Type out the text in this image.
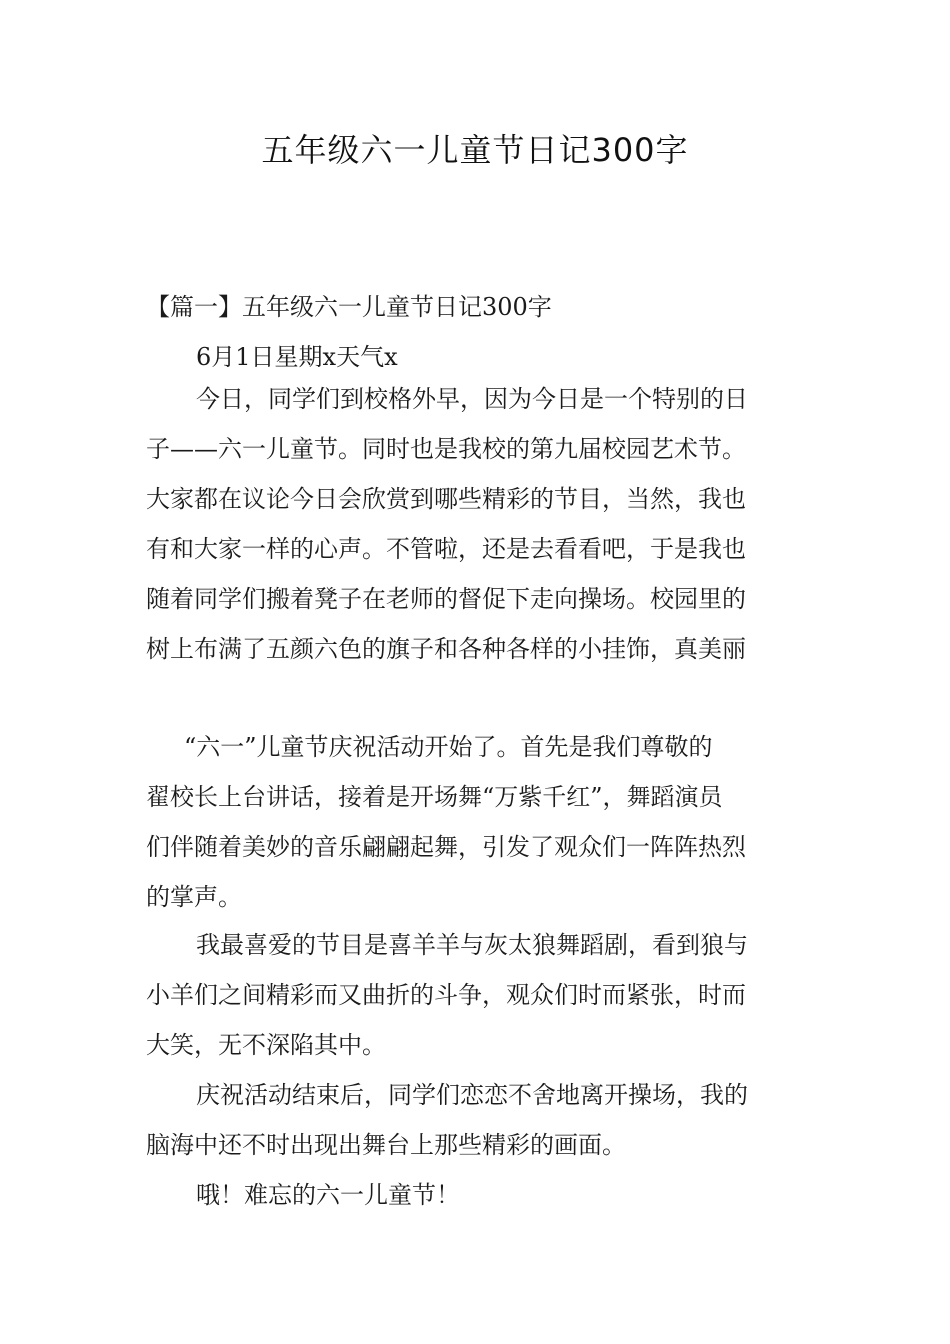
五年级六一儿童节日记300字
【篇一】五年级六一儿童节日记300字
6月1日星期x天气x
今日，同学们到校格外早，因为今日是一个特别的日
子——六一儿童节。同时也是我校的第九届校园艺术节。
大家都在议论今日会欣赏到哪些精彩的节目，当然，我也
有和大家一样的心声。不管啦，还是去看看吧，于是我也
随着同学们搬着凳子在老师的督促下走向操场。校园里的
树上布满了五颜六色的旗子和各种各样的小挂饰，真美丽
“六一”儿童节庆祝活动开始了。首先是我们尊敬的
翟校长上台讲话，接着是开场舞“万紫千红”，舞蹈演员
们伴随着美妙的音乐翩翩起舞，引发了观众们一阵阵热烈
的掌声。
我最喜爱的节目是喜羊羊与灰太狼舞蹈剧，看到狼与
小羊们之间精彩而又曲折的斗争，观众们时而紧张，时而
大笑，无不深陷其中。
庆祝活动结束后，同学们恋恋不舍地离开操场，我的
脑海中还不时出现出舞台上那些精彩的画面。
哦！难忘的六一儿童节！
